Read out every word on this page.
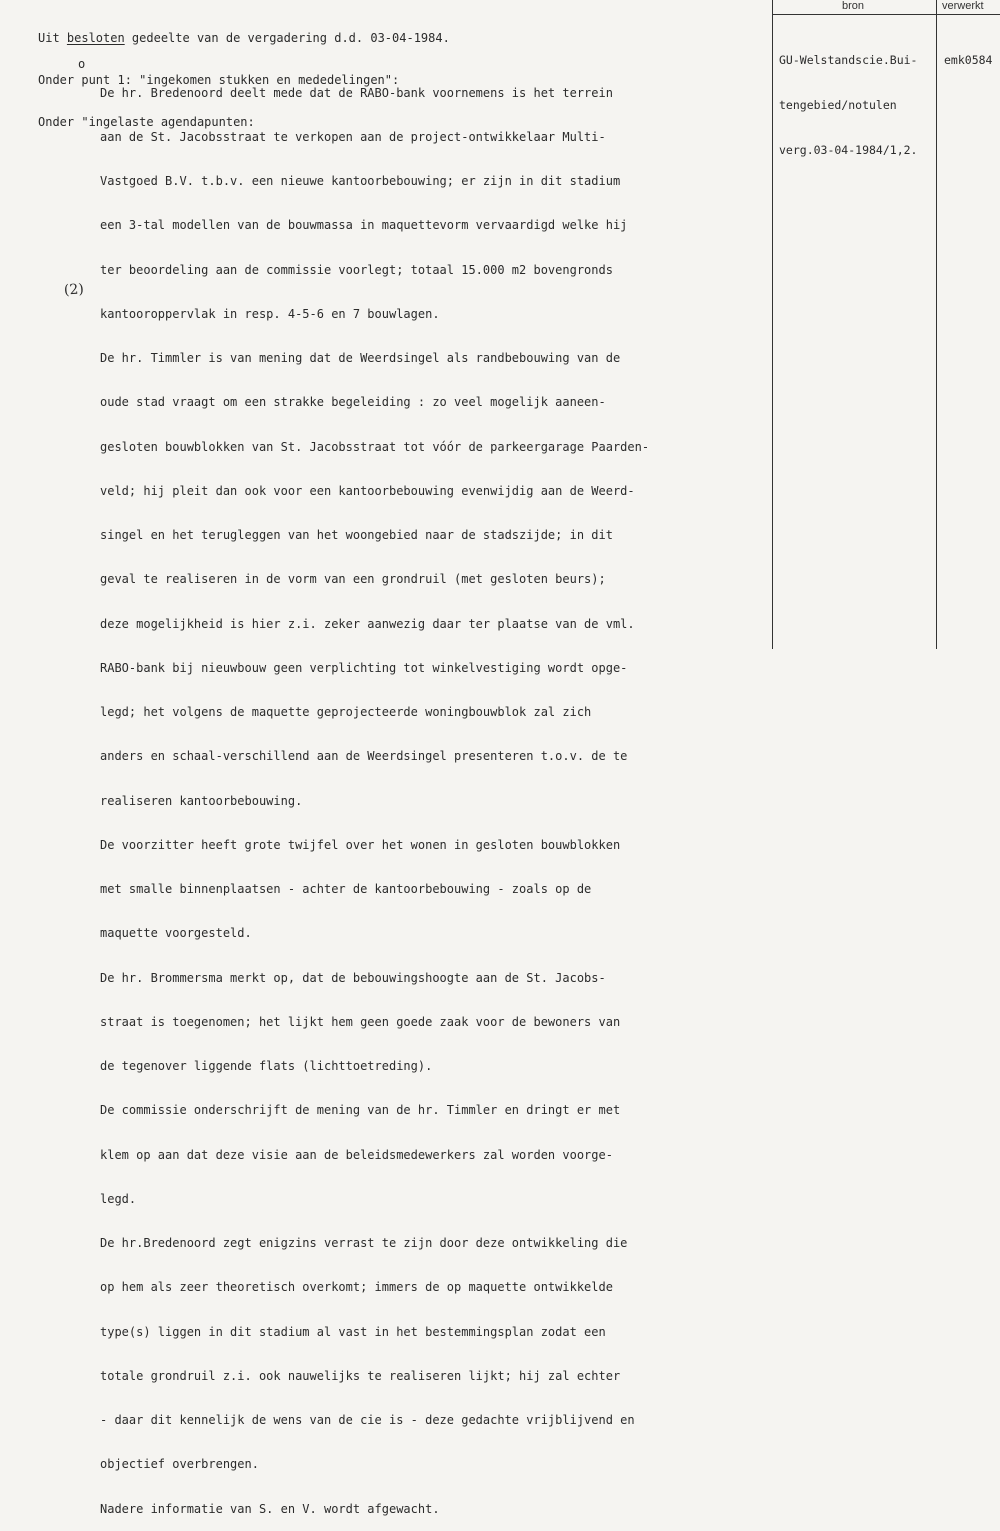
Uit besloten gedeelte van de vergadering d.d. 03-04-1984.

Onder punt 1: "ingekomen stukken en mededelingen":

Onder "ingelaste agendapunten:

o
(2)

De hr. Bredenoord deelt mede dat de RABO-bank voornemens is het terrein

aan de St. Jacobsstraat te verkopen aan de project-ontwikkelaar Multi-

Vastgoed B.V. t.b.v. een nieuwe kantoorbebouwing; er zijn in dit stadium

een 3-tal modellen van de bouwmassa in maquettevorm vervaardigd welke hij

ter beoordeling aan de commissie voorlegt; totaal 15.000 m2 bovengronds

kantooroppervlak in resp. 4-5-6 en 7 bouwlagen.

De hr. Timmler is van mening dat de Weerdsingel als randbebouwing van de

oude stad vraagt om een strakke begeleiding : zo veel mogelijk aaneen-

gesloten bouwblokken van St. Jacobsstraat tot vóór de parkeergarage Paarden-

veld; hij pleit dan ook voor een kantoorbebouwing evenwijdig aan de Weerd-

singel en het terugleggen van het woongebied naar de stadszijde; in dit

geval te realiseren in de vorm van een grondruil (met gesloten beurs);

deze mogelijkheid is hier z.i. zeker aanwezig daar ter plaatse van de vml.

RABO-bank bij nieuwbouw geen verplichting tot winkelvestiging wordt opge-

legd; het volgens de maquette geprojecteerde woningbouwblok zal zich

anders en schaal-verschillend aan de Weerdsingel presenteren t.o.v. de te

realiseren kantoorbebouwing.

De voorzitter heeft grote twijfel over het wonen in gesloten bouwblokken

met smalle binnenplaatsen - achter de kantoorbebouwing - zoals op de

maquette voorgesteld.

De hr. Brommersma merkt op, dat de bebouwingshoogte aan de St. Jacobs-

straat is toegenomen; het lijkt hem geen goede zaak voor de bewoners van

de tegenover liggende flats (lichttoetreding).

De commissie onderschrijft de mening van de hr. Timmler en dringt er met

klem op aan dat deze visie aan de beleidsmedewerkers zal worden voorge-

legd.

De hr.Bredenoord zegt enigzins verrast te zijn door deze ontwikkeling die

op hem als zeer theoretisch overkomt; immers de op maquette ontwikkelde

type(s) liggen in dit stadium al vast in het bestemmingsplan zodat een

totale grondruil z.i. ook nauwelijks te realiseren lijkt; hij zal echter

- daar dit kennelijk de wens van de cie is - deze gedachte vrijblijvend en

objectief overbrengen.

Nadere informatie van S. en V. wordt afgewacht.

bron	verwerkt

GU-Welstandscie.Bui-

tengebied/notulen

verg.03-04-1984/1,2.

emk0584
